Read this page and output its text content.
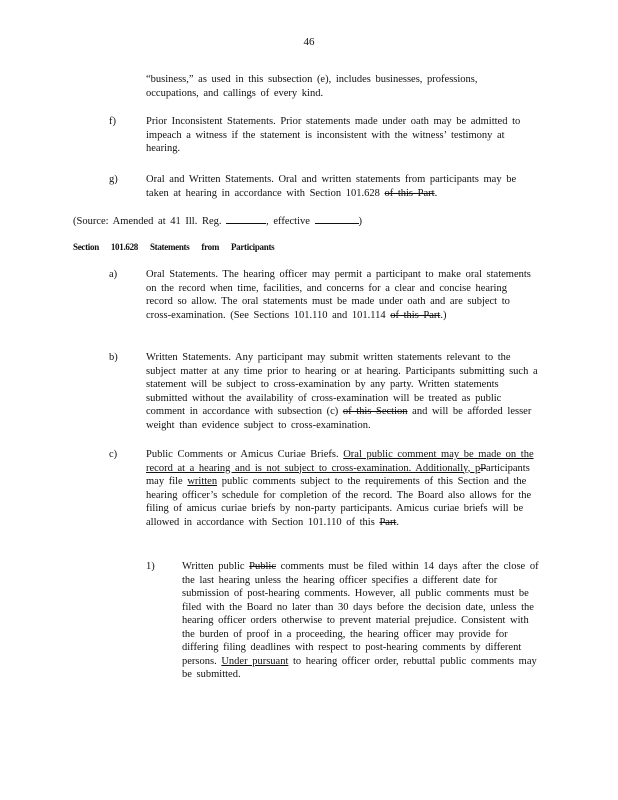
46
“business,” as used in this subsection (e), includes businesses, professions, occupations, and callings of every kind.
f)	Prior Inconsistent Statements. Prior statements made under oath may be admitted to impeach a witness if the statement is inconsistent with the witness’ testimony at hearing.
g)	Oral and Written Statements. Oral and written statements from participants may be taken at hearing in accordance with Section 101.628 of this Part.
(Source: Amended at 41 Ill. Reg.	, effective	)
Section 101.628 Statements from Participants
a)	Oral Statements. The hearing officer may permit a participant to make oral statements on the record when time, facilities, and concerns for a clear and concise hearing record so allow. The oral statements must be made under oath and are subject to cross-examination. (See Sections 101.110 and 101.114 of this Part.)
b)	Written Statements. Any participant may submit written statements relevant to the subject matter at any time prior to hearing or at hearing. Participants submitting such a statement will be subject to cross-examination by any party. Written statements submitted without the availability of cross-examination will be treated as public comment in accordance with subsection (c) of this Section and will be afforded lesser weight than evidence subject to cross-examination.
c)	Public Comments or Amicus Curiae Briefs. Oral public comment may be made on the record at a hearing and is not subject to cross-examination. Additionally, pParticipants may file written public comments subject to the requirements of this Section and the hearing officer’s schedule for completion of the record. The Board also allows for the filing of amicus curiae briefs by non-party participants. Amicus curiae briefs will be allowed in accordance with Section 101.110 of this Part.
1)	Written public Public comments must be filed within 14 days after the close of the last hearing unless the hearing officer specifies a different date for submission of post-hearing comments. However, all public comments must be filed with the Board no later than 30 days before the decision date, unless the hearing officer orders otherwise to prevent material prejudice. Consistent with the burden of proof in a proceeding, the hearing officer may provide for differing filing deadlines with respect to post-hearing comments by different persons. Under pursuant to hearing officer order, rebuttal public comments may be submitted.
